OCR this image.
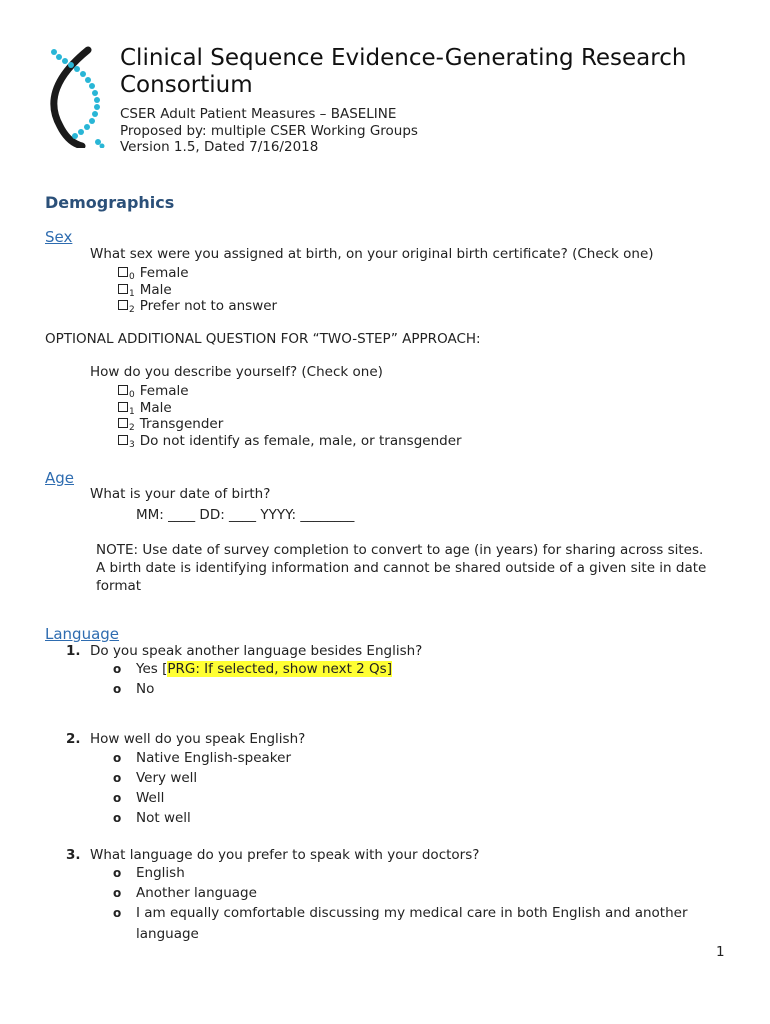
Clinical Sequence Evidence-Generating Research Consortium
CSER Adult Patient Measures – BASELINE
Proposed by: multiple CSER Working Groups
Version 1.5, Dated 7/16/2018
Demographics
Sex
What sex were you assigned at birth, on your original birth certificate? (Check one)
$_0$ Female
$_1$ Male
$_2$ Prefer not to answer
OPTIONAL ADDITIONAL QUESTION FOR “TWO-STEP” APPROACH:
How do you describe yourself? (Check one)
$_0$ Female
$_1$ Male
$_2$ Transgender
$_3$ Do not identify as female, male, or transgender
Age
What is your date of birth?
MM: ____ DD: ____ YYYY: ________
NOTE: Use date of survey completion to convert to age (in years) for sharing across sites.
A birth date is identifying information and cannot be shared outside of a given site in date
format
Language
1. Do you speak another language besides English?
o Yes [PRG: If selected, show next 2 Qs]
o No
2. How well do you speak English?
o Native English-speaker
o Very well
o Well
o Not well
3. What language do you prefer to speak with your doctors?
o English
o Another language
o I am equally comfortable discussing my medical care in both English and another
language
1
